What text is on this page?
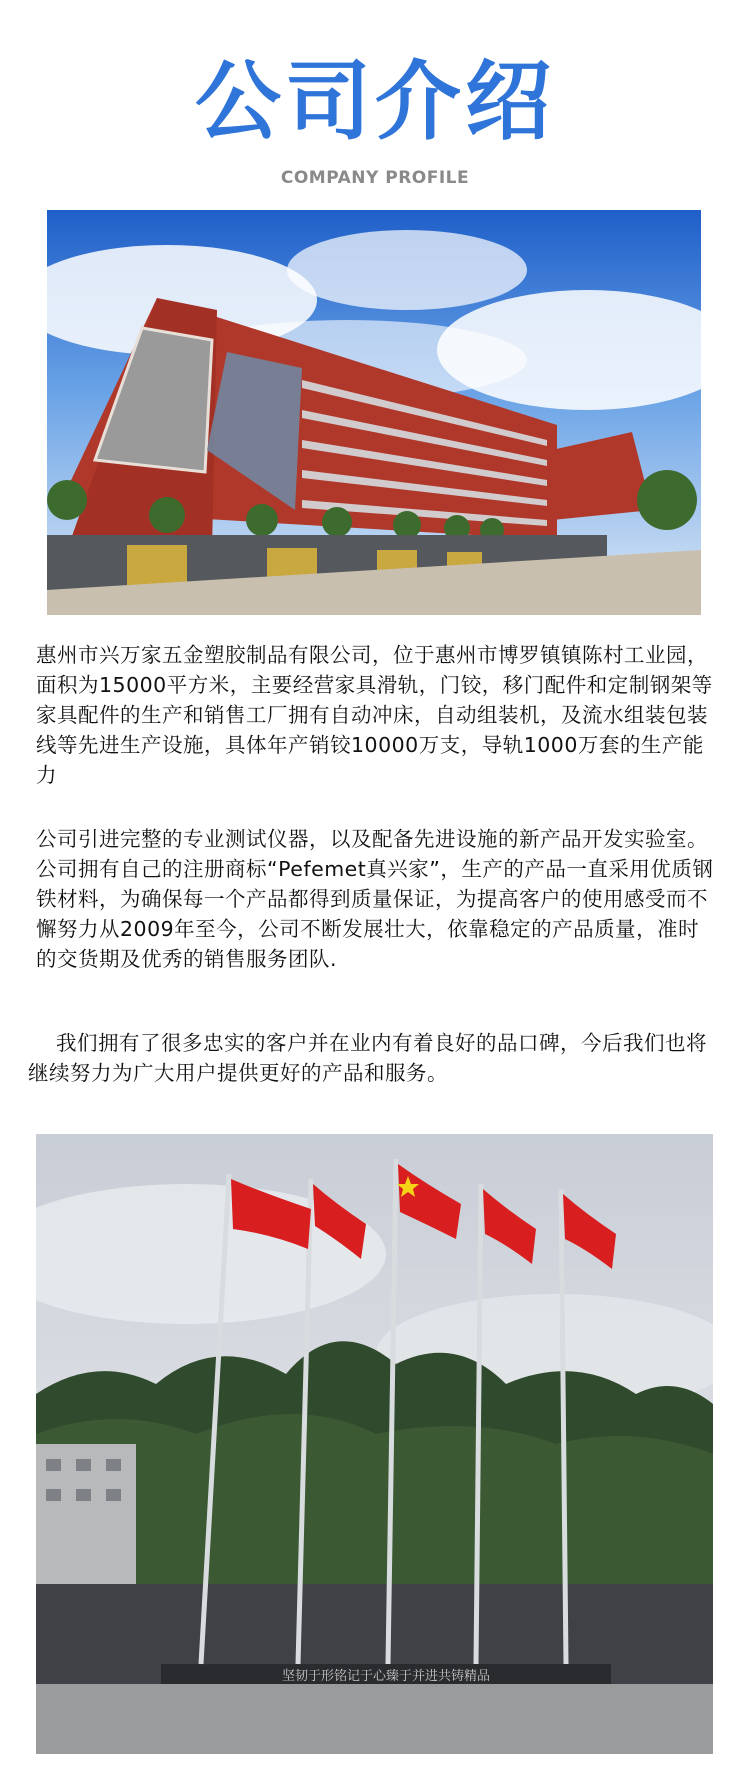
公司介绍
COMPANY PROFILE

惠州市兴万家五金塑胶制品有限公司，位于惠州市博罗镇镇陈村工业园，面积为15000平方米，主要经营家具滑轨，门铰，移门配件和定制钢架等家具配件的生产和销售工厂拥有自动冲床，自动组装机，及流水组装包装线等先进生产设施，具体年产销铰10000万支，导轨1000万套的生产能力

公司引进完整的专业测试仪器，以及配备先进设施的新产品开发实验室。公司拥有自己的注册商标“Pefemet真兴家”，生产的产品一直采用优质钢铁材料，为确保每一个产品都得到质量保证，为提高客户的使用感受而不懈努力从2009年至今，公司不断发展壮大，依靠稳定的产品质量，准时的交货期及优秀的销售服务团队.

我们拥有了很多忠实的客户并在业内有着良好的品口碑，今后我们也将继续努力为广大用户提供更好的产品和服务。

坚韧于形铭记于心臻于并进共铸精品
